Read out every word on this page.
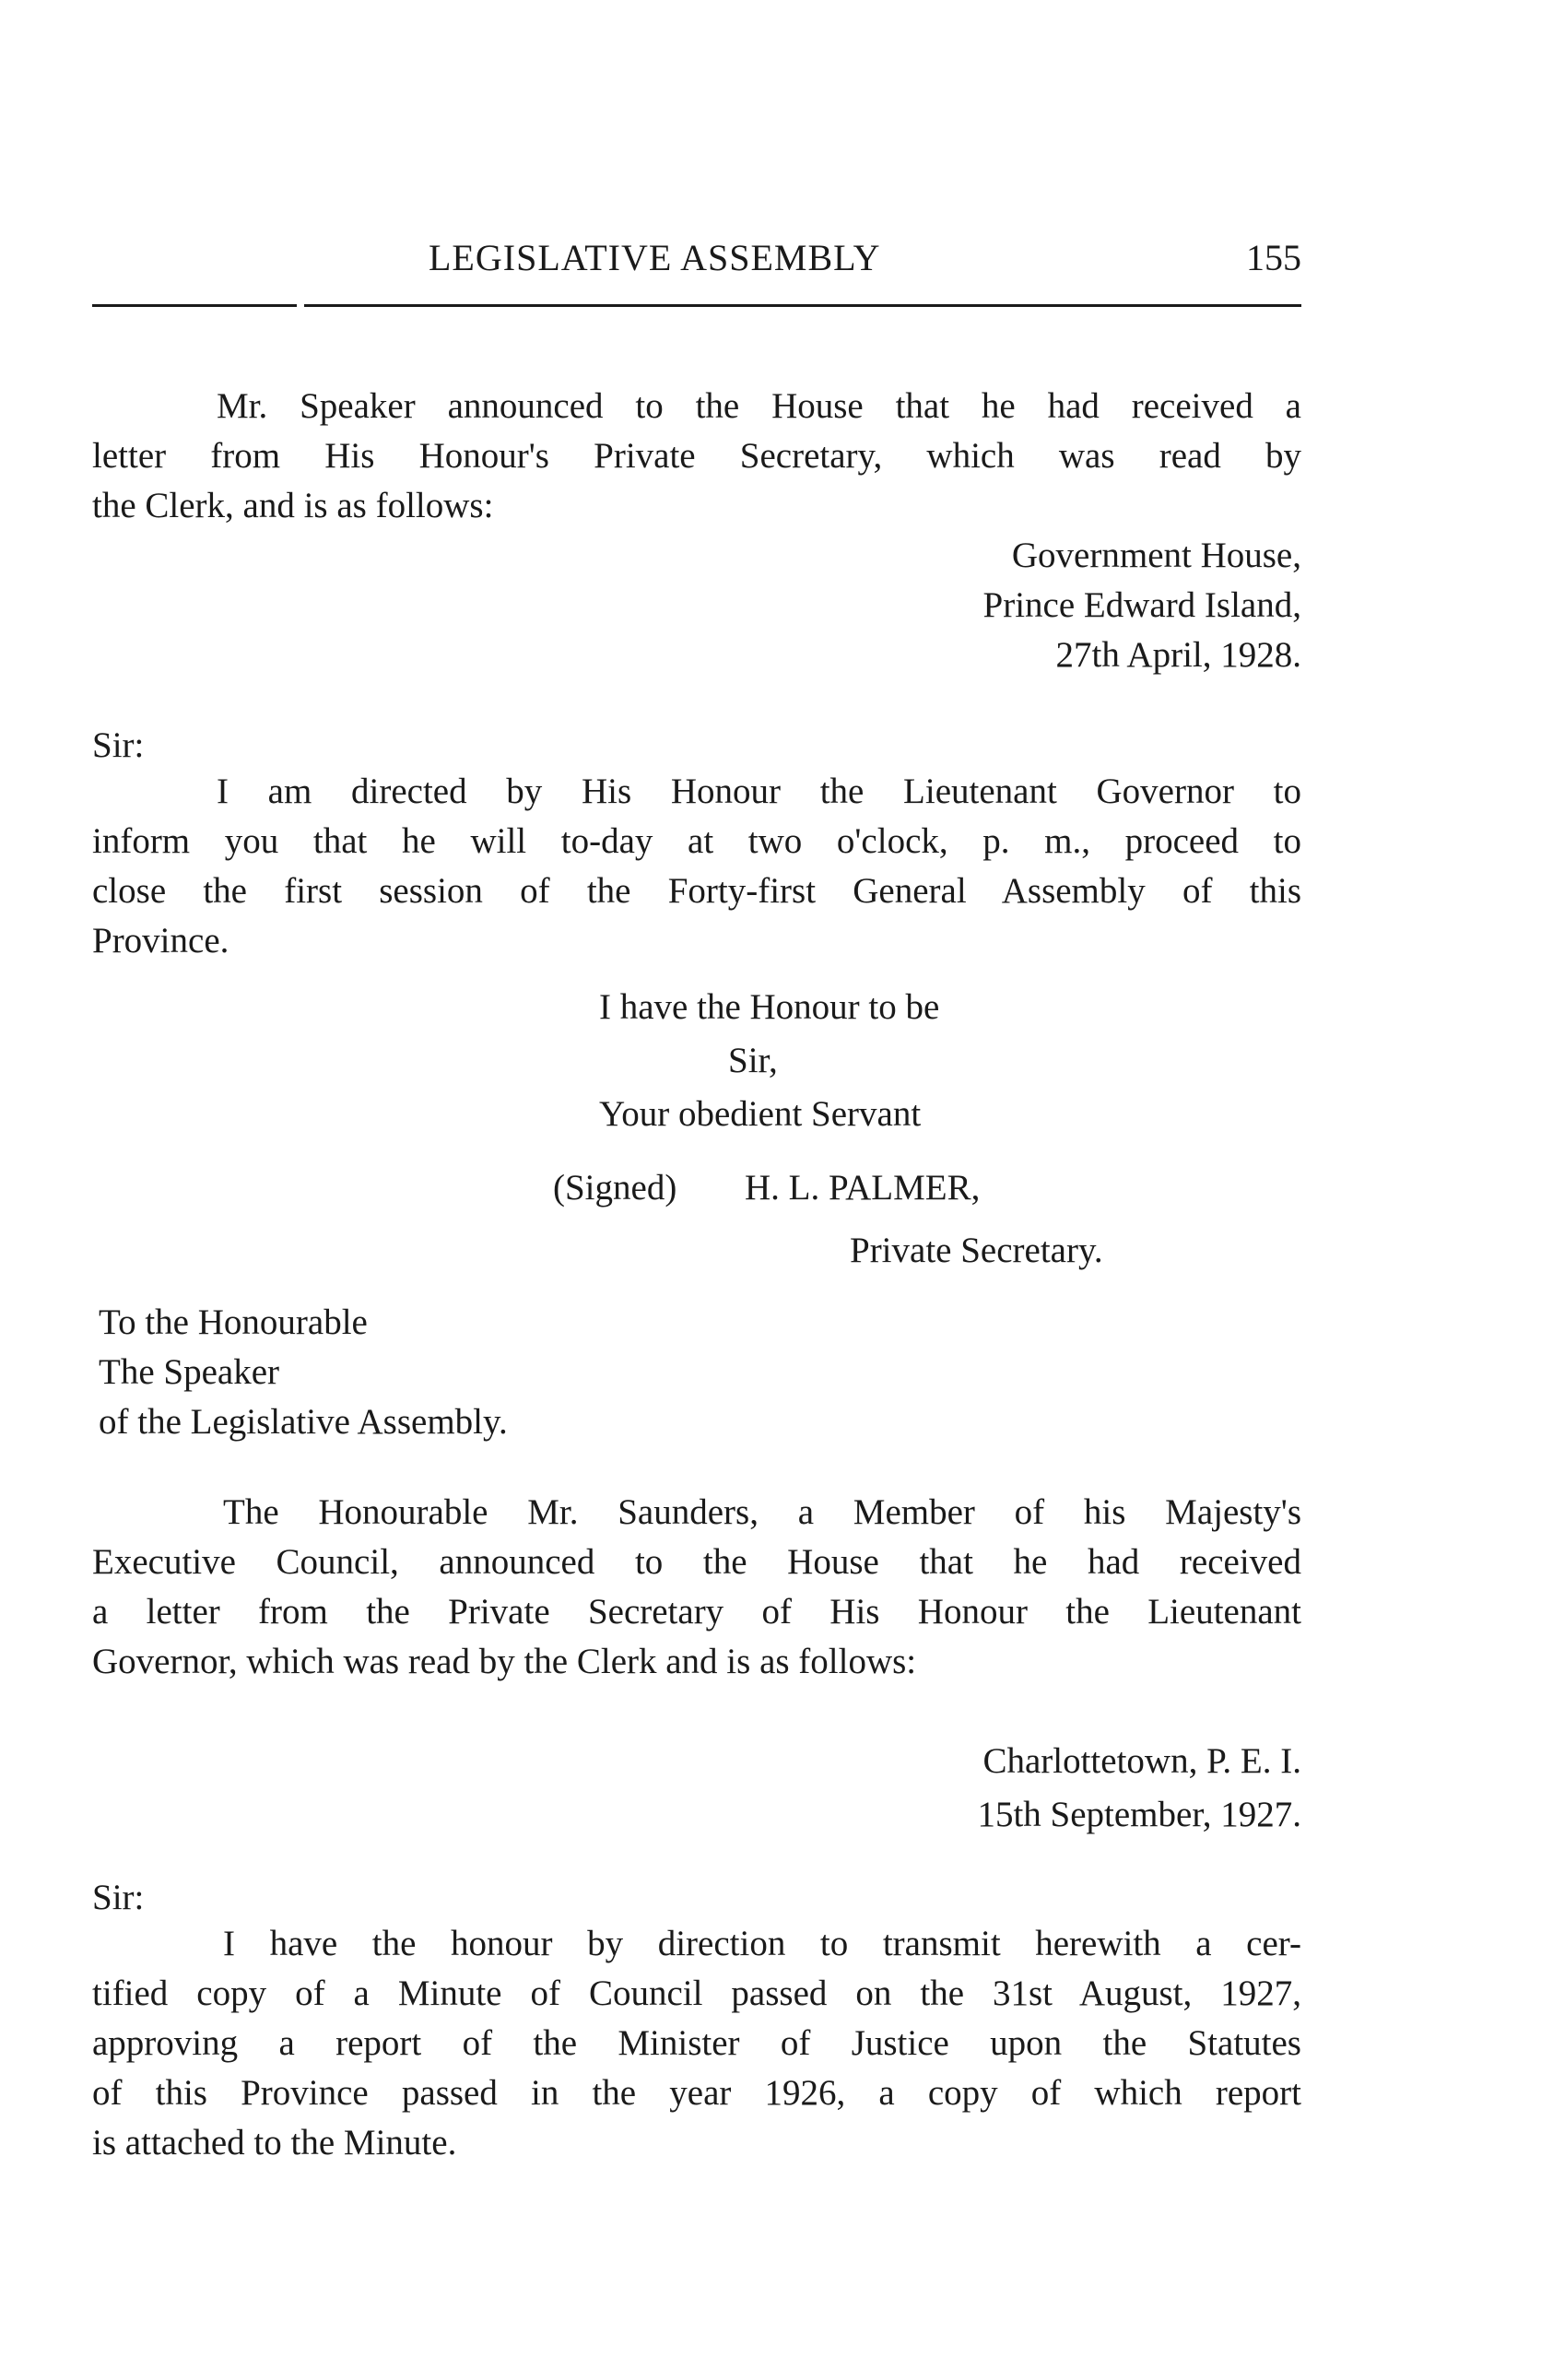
LEGISLATIVE ASSEMBLY	155
Mr. Speaker announced to the House that he had received a
letter from His Honour's Private Secretary, which was read by
the Clerk, and is as follows:
Government House,
Prince Edward Island,
27th April, 1928.
Sir:
I am directed by His Honour the Lieutenant Governor to
inform you that he will to-day at two o'clock, p. m., proceed to
close the first session of the Forty-first General Assembly of this
Province.
I have the Honour to be
Sir,
Your obedient Servant
(Signed) H. L. PALMER,
Private Secretary.
To the Honourable
The Speaker
of the Legislative Assembly.
The Honourable Mr. Saunders, a Member of his Majesty's
Executive Council, announced to the House that he had received
a letter from the Private Secretary of His Honour the Lieutenant
Governor, which was read by the Clerk and is as follows:
Charlottetown, P. E. I.
15th September, 1927.
Sir:
I have the honour by direction to transmit herewith a cer-
tified copy of a Minute of Council passed on the 31st August, 1927,
approving a report of the Minister of Justice upon the Statutes
of this Province passed in the year 1926, a copy of which report
is attached to the Minute.
